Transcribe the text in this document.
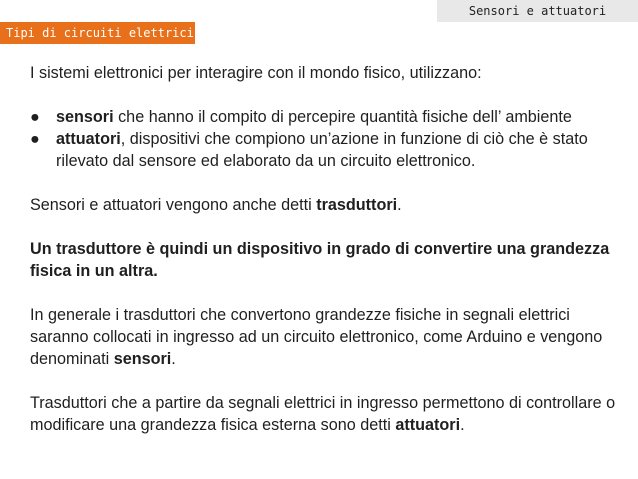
Sensori e attuatori
Tipi di circuiti elettrici

I sistemi elettronici per interagire con il mondo fisico, utilizzano:

● sensori che hanno il compito di percepire quantità fisiche dell’ ambiente
● attuatori, dispositivi che compiono un’azione in funzione di ciò che è stato rilevato dal sensore ed elaborato da un circuito elettronico.

Sensori e attuatori vengono anche detti trasduttori.

Un trasduttore è quindi un dispositivo in grado di convertire una grandezza fisica in un altra.

In generale i trasduttori che convertono grandezze fisiche in segnali elettrici saranno collocati in ingresso ad un circuito elettronico, come Arduino e vengono denominati sensori.

Trasduttori che a partire da segnali elettrici in ingresso permettono di controllare o modificare una grandezza fisica esterna sono detti attuatori.
